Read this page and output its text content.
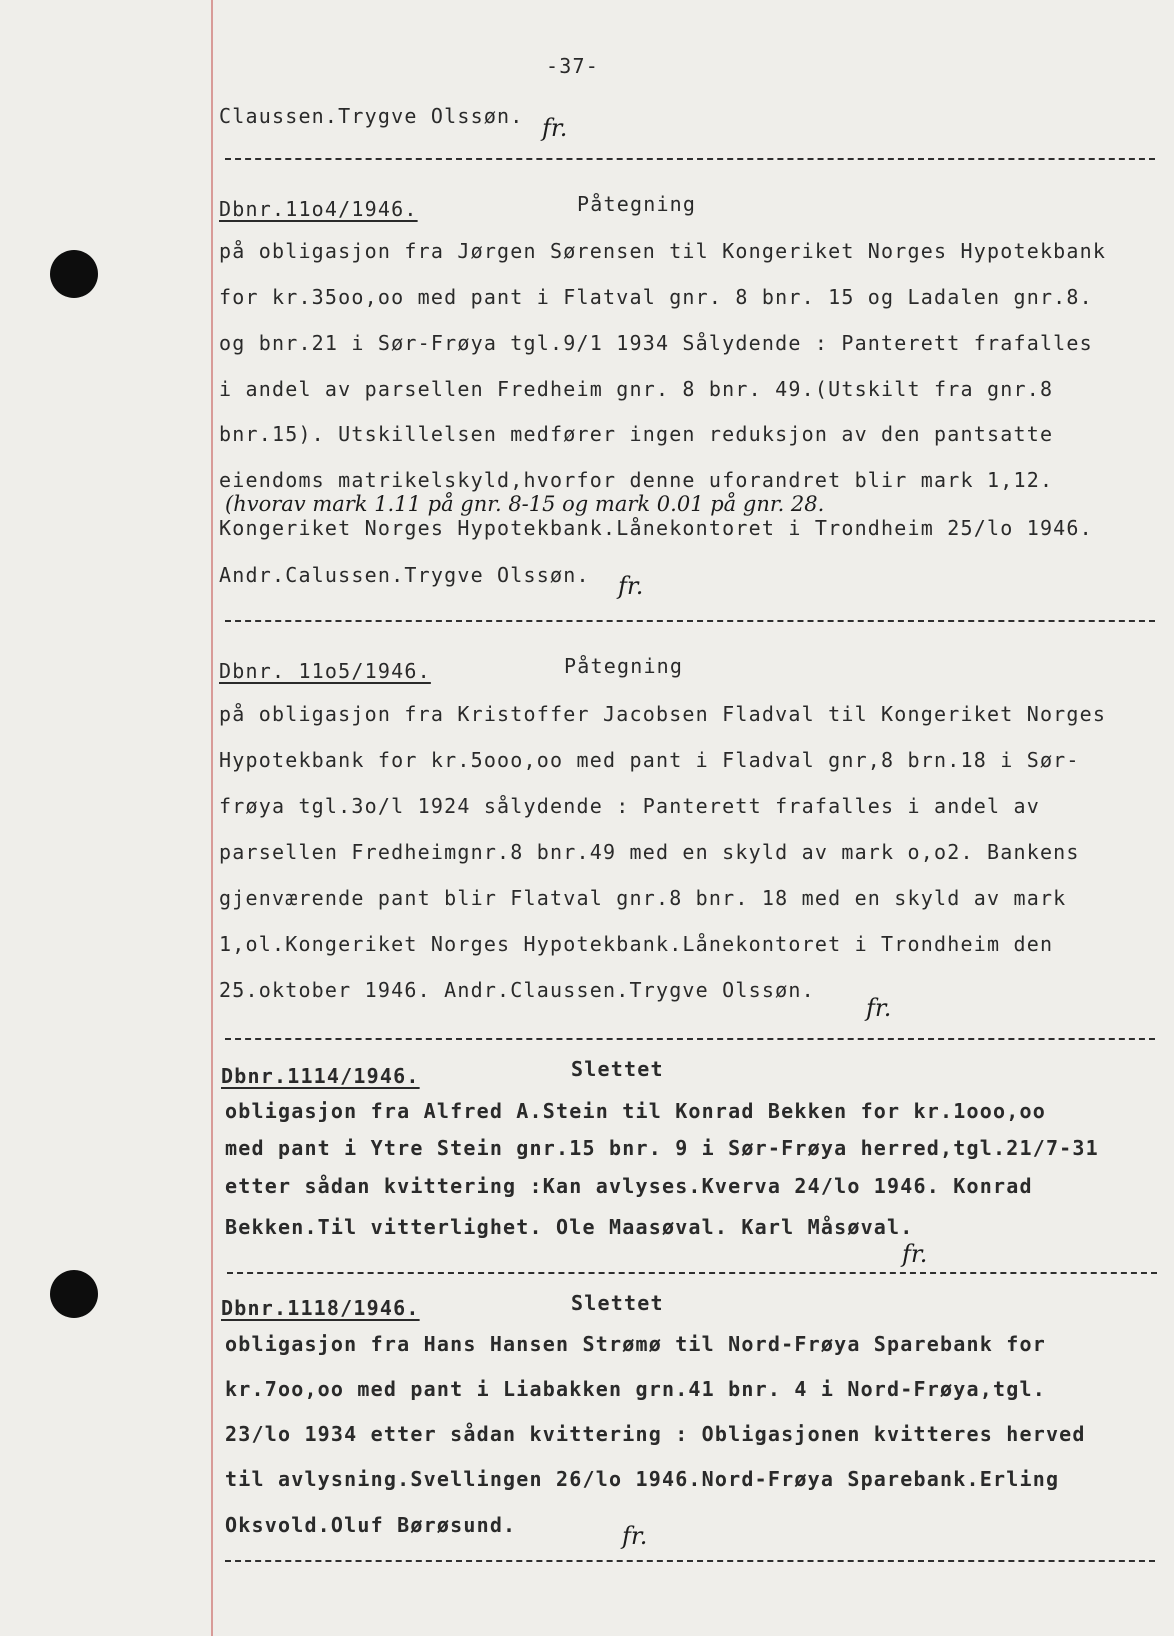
-37-
Claussen.Trygve Olssøn. fr.
Dbnr.11o4/1946.	Påtegning
på obligasjon fra Jørgen Sørensen til Kongeriket Norges Hypotekbank
for kr.35oo,oo med pant i Flatval gnr. 8 bnr. 15 og Ladalen gnr.8.
og bnr.21 i Sør-Frøya tgl.9/1 1934 Sålydende : Panterett frafalles
i andel av parsellen Fredheim gnr. 8 bnr. 49.(Utskilt fra gnr.8
bnr.15). Utskillelsen medfører ingen reduksjon av den pantsatte
eiendoms matrikelskyld,hvorfor denne uforandret blir mark 1,12.
(hvorav mark 1.11 på gnr. 8-15 og mark 0.01 på gnr. 28.
Kongeriket Norges Hypotekbank.Lånekontoret i Trondheim 25/lo 1946.
Andr.Calussen.Trygve Olssøn. fr.
Dbnr. 11o5/1946.	Påtegning
på obligasjon fra Kristoffer Jacobsen Fladval til Kongeriket Norges
Hypotekbank for kr.5ooo,oo med pant i Fladval gnr,8 brn.18 i Sør-
frøya tgl.3o/l 1924 sålydende : Panterett frafalles i andel av
parsellen Fredheimgnr.8 bnr.49 med en skyld av mark o,o2. Bankens
gjenværende pant blir Flatval gnr.8 bnr. 18 med en skyld av mark
1,ol.Kongeriket Norges Hypotekbank.Lånekontoret i Trondheim den
25.oktober 1946. Andr.Claussen.Trygve Olssøn.
fr.
Dbnr.1114/1946.	Slettet
obligasjon fra Alfred A.Stein til Konrad Bekken for kr.1ooo,oo
med pant i Ytre Stein gnr.15 bnr. 9 i Sør-Frøya herred,tgl.21/7-31
etter sådan kvittering :Kan avlyses.Kverva 24/lo 1946. Konrad
Bekken.Til vitterlighet. Ole Maasøval. Karl Måsøval.
fr.
Dbnr.1118/1946.	Slettet
obligasjon fra Hans Hansen Strømø til Nord-Frøya Sparebank for
kr.7oo,oo med pant i Liabakken grn.41 bnr. 4 i Nord-Frøya,tgl.
23/lo 1934 etter sådan kvittering : Obligasjonen kvitteres herved
til avlysning.Svellingen 26/lo 1946.Nord-Frøya Sparebank.Erling
Oksvold.Oluf Børøsund.	fr.
